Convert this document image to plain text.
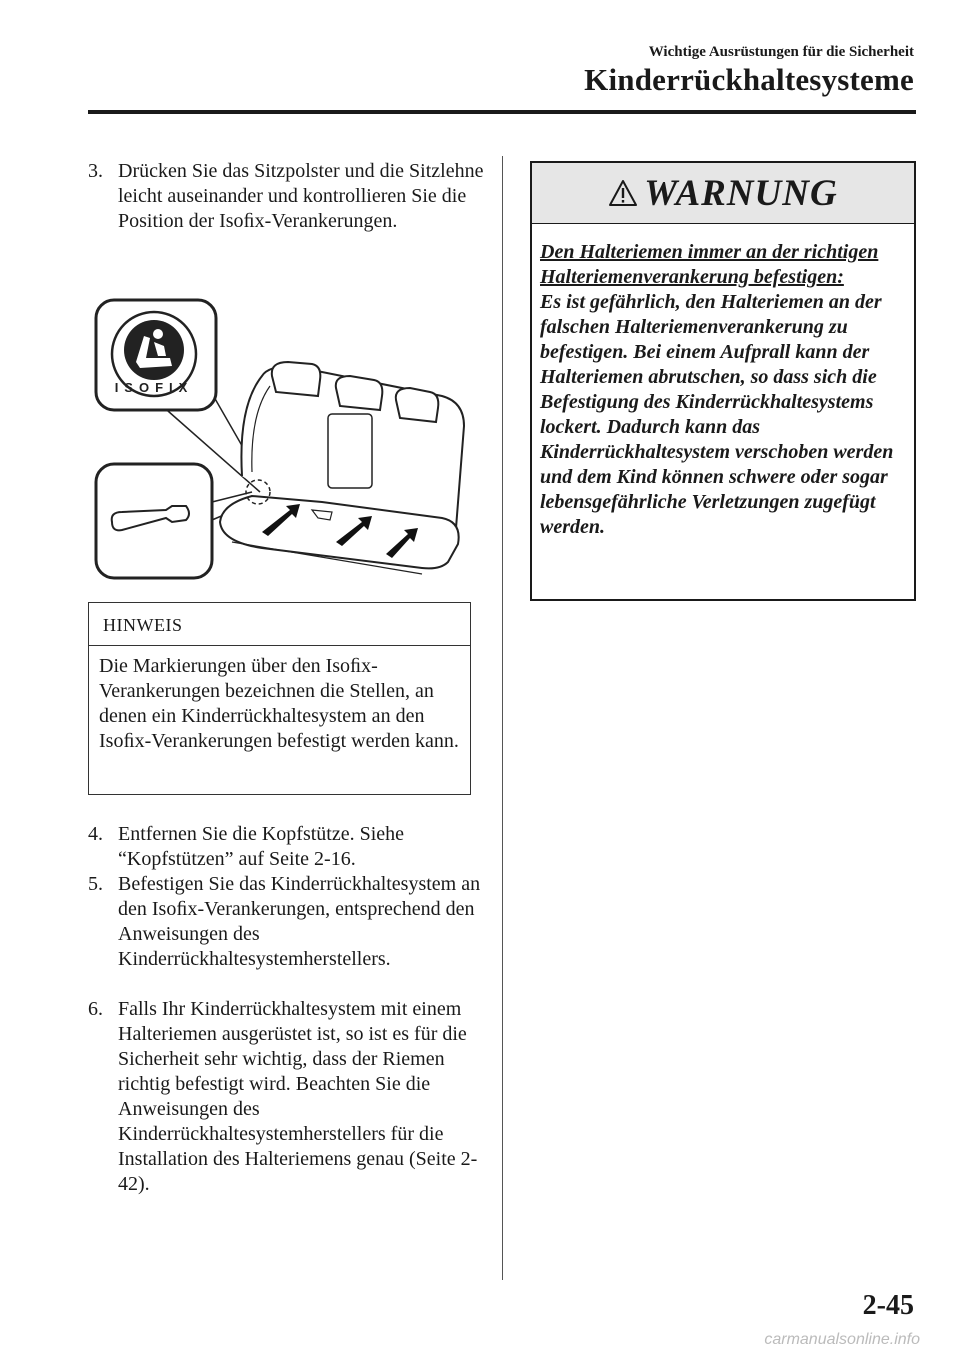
Wichtige Ausrüstungen für die Sicherheit
Kinderrückhaltesysteme
3. Drücken Sie das Sitzpolster und die Sitzlehne leicht auseinander und kontrollieren Sie die Position der Isoﬁx-Verankerungen.
ISOFIX
HINWEIS
Die Markierungen über den Isoﬁx-Verankerungen bezeichnen die Stellen, an denen ein Kinderrückhaltesystem an den Isoﬁx-Verankerungen befestigt werden kann.
4. Entfernen Sie die Kopfstütze. Siehe “Kopfstützen” auf Seite 2-16.
5. Befestigen Sie das Kinderrückhaltesystem an den Isoﬁx-Verankerungen, entsprechend den Anweisungen des Kinderrückhaltesystemherstellers.
6. Falls Ihr Kinderrückhaltesystem mit einem Halteriemen ausgerüstet ist, so ist es für die Sicherheit sehr wichtig, dass der Riemen richtig befestigt wird. Beachten Sie die Anweisungen des Kinderrückhaltesystemherstellers für die Installation des Halteriemens genau (Seite 2-42).
WARNUNG
Den Halteriemen immer an der richtigen Halteriemenverankerung befestigen:
Es ist gefährlich, den Halteriemen an der falschen Halteriemenverankerung zu befestigen. Bei einem Aufprall kann der Halteriemen abrutschen, so dass sich die Befestigung des Kinderrückhaltesystems lockert. Dadurch kann das Kinderrückhaltesystem verschoben werden und dem Kind können schwere oder sogar lebensgefährliche Verletzungen zugefügt werden.
2-45
carmanualsonline.info
